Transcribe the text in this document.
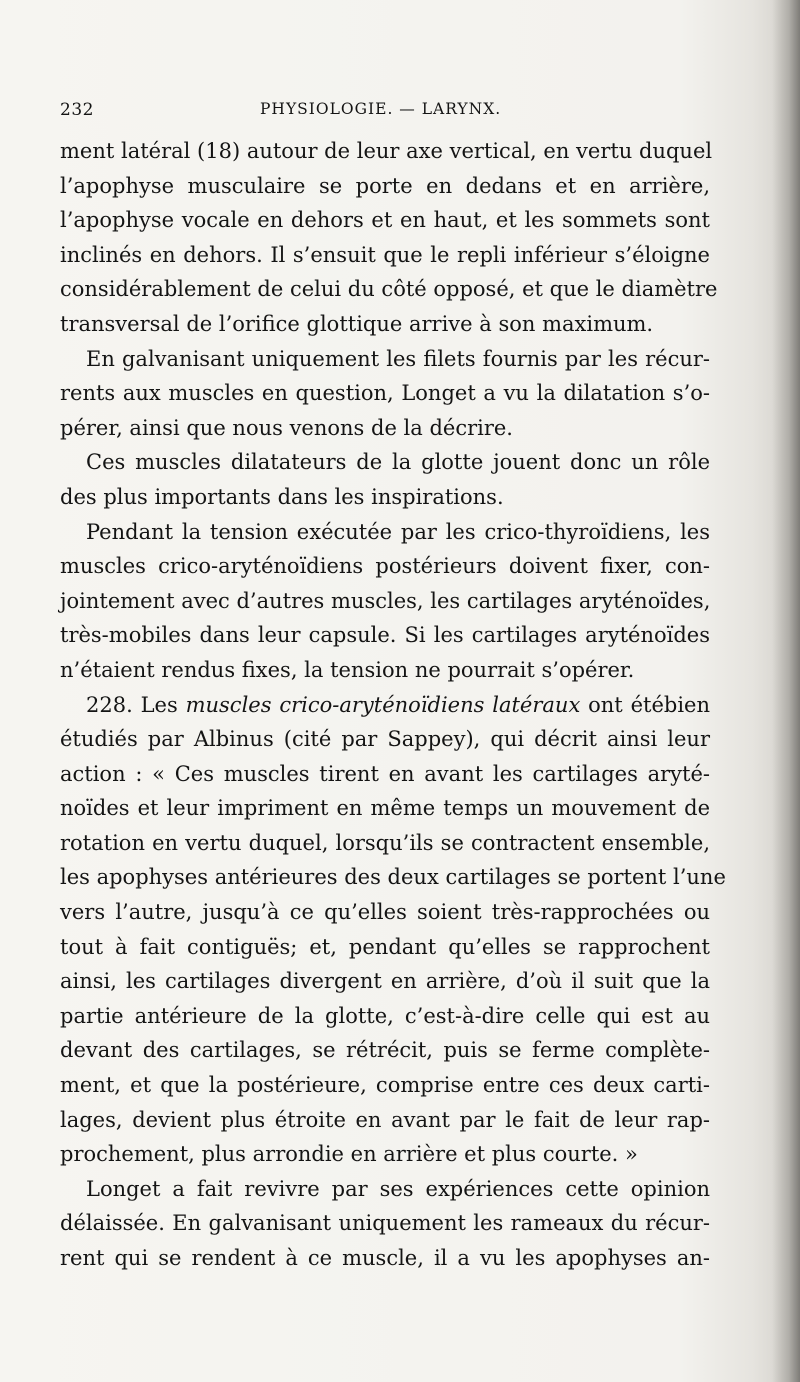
232	PHYSIOLOGIE. — LARYNX.
ment latéral (18) autour de leur axe vertical, en vertu duquel
l’apophyse musculaire se porte en dedans et en arrière,
l’apophyse vocale en dehors et en haut, et les sommets sont
inclinés en dehors. Il s’ensuit que le repli inférieur s’éloigne
considérablement de celui du côté opposé, et que le diamètre
transversal de l’orifice glottique arrive à son maximum.
En galvanisant uniquement les filets fournis par les récur-
rents aux muscles en question, Longet a vu la dilatation s’o-
pérer, ainsi que nous venons de la décrire.
Ces muscles dilatateurs de la glotte jouent donc un rôle
des plus importants dans les inspirations.
Pendant la tension exécutée par les crico-thyroïdiens, les
muscles crico-aryténoïdiens postérieurs doivent fixer, con-
jointement avec d’autres muscles, les cartilages aryténoïdes,
très-mobiles dans leur capsule. Si les cartilages aryténoïdes
n’étaient rendus fixes, la tension ne pourrait s’opérer.
228. Les muscles crico-aryténoïdiens latéraux ont étébien
étudiés par Albinus (cité par Sappey), qui décrit ainsi leur
action : « Ces muscles tirent en avant les cartilages aryté-
noïdes et leur impriment en même temps un mouvement de
rotation en vertu duquel, lorsqu’ils se contractent ensemble,
les apophyses antérieures des deux cartilages se portent l’une
vers l’autre, jusqu’à ce qu’elles soient très-rapprochées ou
tout à fait contiguës; et, pendant qu’elles se rapprochent
ainsi, les cartilages divergent en arrière, d’où il suit que la
partie antérieure de la glotte, c’est-à-dire celle qui est au
devant des cartilages, se rétrécit, puis se ferme complète-
ment, et que la postérieure, comprise entre ces deux carti-
lages, devient plus étroite en avant par le fait de leur rap-
prochement, plus arrondie en arrière et plus courte. »
Longet a fait revivre par ses expériences cette opinion
délaissée. En galvanisant uniquement les rameaux du récur-
rent qui se rendent à ce muscle, il a vu les apophyses an-
